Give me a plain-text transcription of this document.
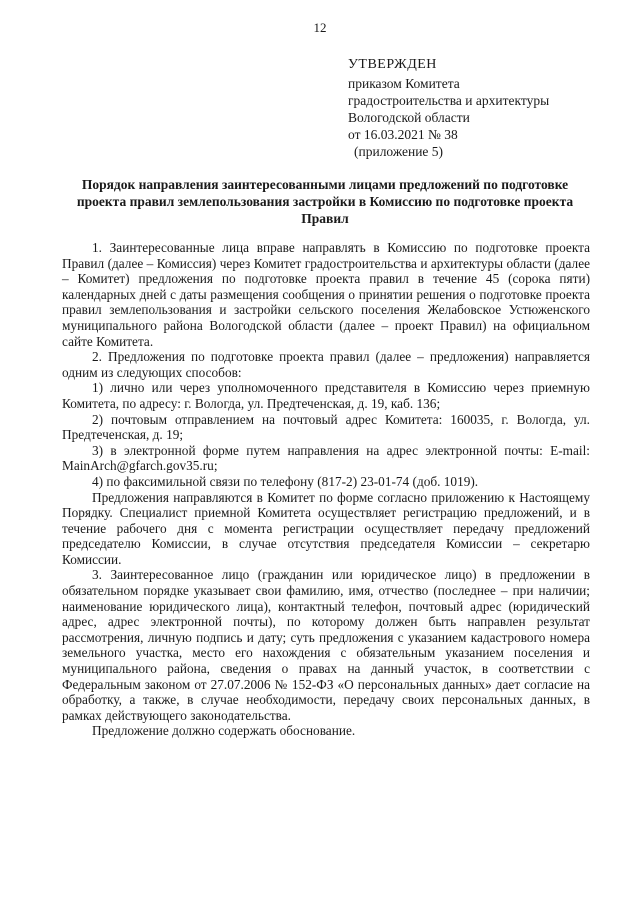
12
УТВЕРЖДЕН
приказом Комитета
градостроительства и архитектуры
Вологодской области
от 16.03.2021 № 38
(приложение 5)
Порядок направления заинтересованными лицами предложений по подготовке проекта правил землепользования застройки в Комиссию по подготовке проекта Правил

1. Заинтересованные лица вправе направлять в Комиссию по подготовке проекта Правил (далее – Комиссия) через Комитет градостроительства и архитектуры области (далее – Комитет) предложения по подготовке проекта правил в течение 45 (сорока пяти) календарных дней с даты размещения сообщения о принятии решения о подготовке проекта правил землепользования и застройки сельского поселения Желабовское Устюженского муниципального района Вологодской области (далее – проект Правил) на официальном сайте Комитета.

2. Предложения по подготовке проекта правил (далее – предложения) направляется одним из следующих способов:

1) лично или через уполномоченного представителя в Комиссию через приемную Комитета, по адресу: г. Вологда, ул. Предтеченская, д. 19, каб. 136;

2) почтовым отправлением на почтовый адрес Комитета: 160035, г. Вологда, ул. Предтеченская, д. 19;

3) в электронной форме путем направления на адрес электронной почты: E-mail: MainArch@gfarch.gov35.ru;

4) по факсимильной связи по телефону (817-2) 23-01-74 (доб. 1019).

Предложения направляются в Комитет по форме согласно приложению к Настоящему Порядку. Специалист приемной Комитета осуществляет регистрацию предложений, и в течение рабочего дня с момента регистрации осуществляет передачу предложений председателю Комиссии, в случае отсутствия председателя Комиссии – секретарю Комиссии.

3. Заинтересованное лицо (гражданин или юридическое лицо) в предложении в обязательном порядке указывает свои фамилию, имя, отчество (последнее – при наличии; наименование юридического лица), контактный телефон, почтовый адрес (юридический адрес, адрес электронной почты), по которому должен быть направлен результат рассмотрения, личную подпись и дату; суть предложения с указанием кадастрового номера земельного участка, место его нахождения с обязательным указанием поселения и муниципального района, сведения о правах на данный участок, в соответствии с Федеральным законом от 27.07.2006 № 152-ФЗ «О персональных данных» дает согласие на обработку, а также, в случае необходимости, передачу своих персональных данных, в рамках действующего законодательства.

Предложение должно содержать обоснование.
